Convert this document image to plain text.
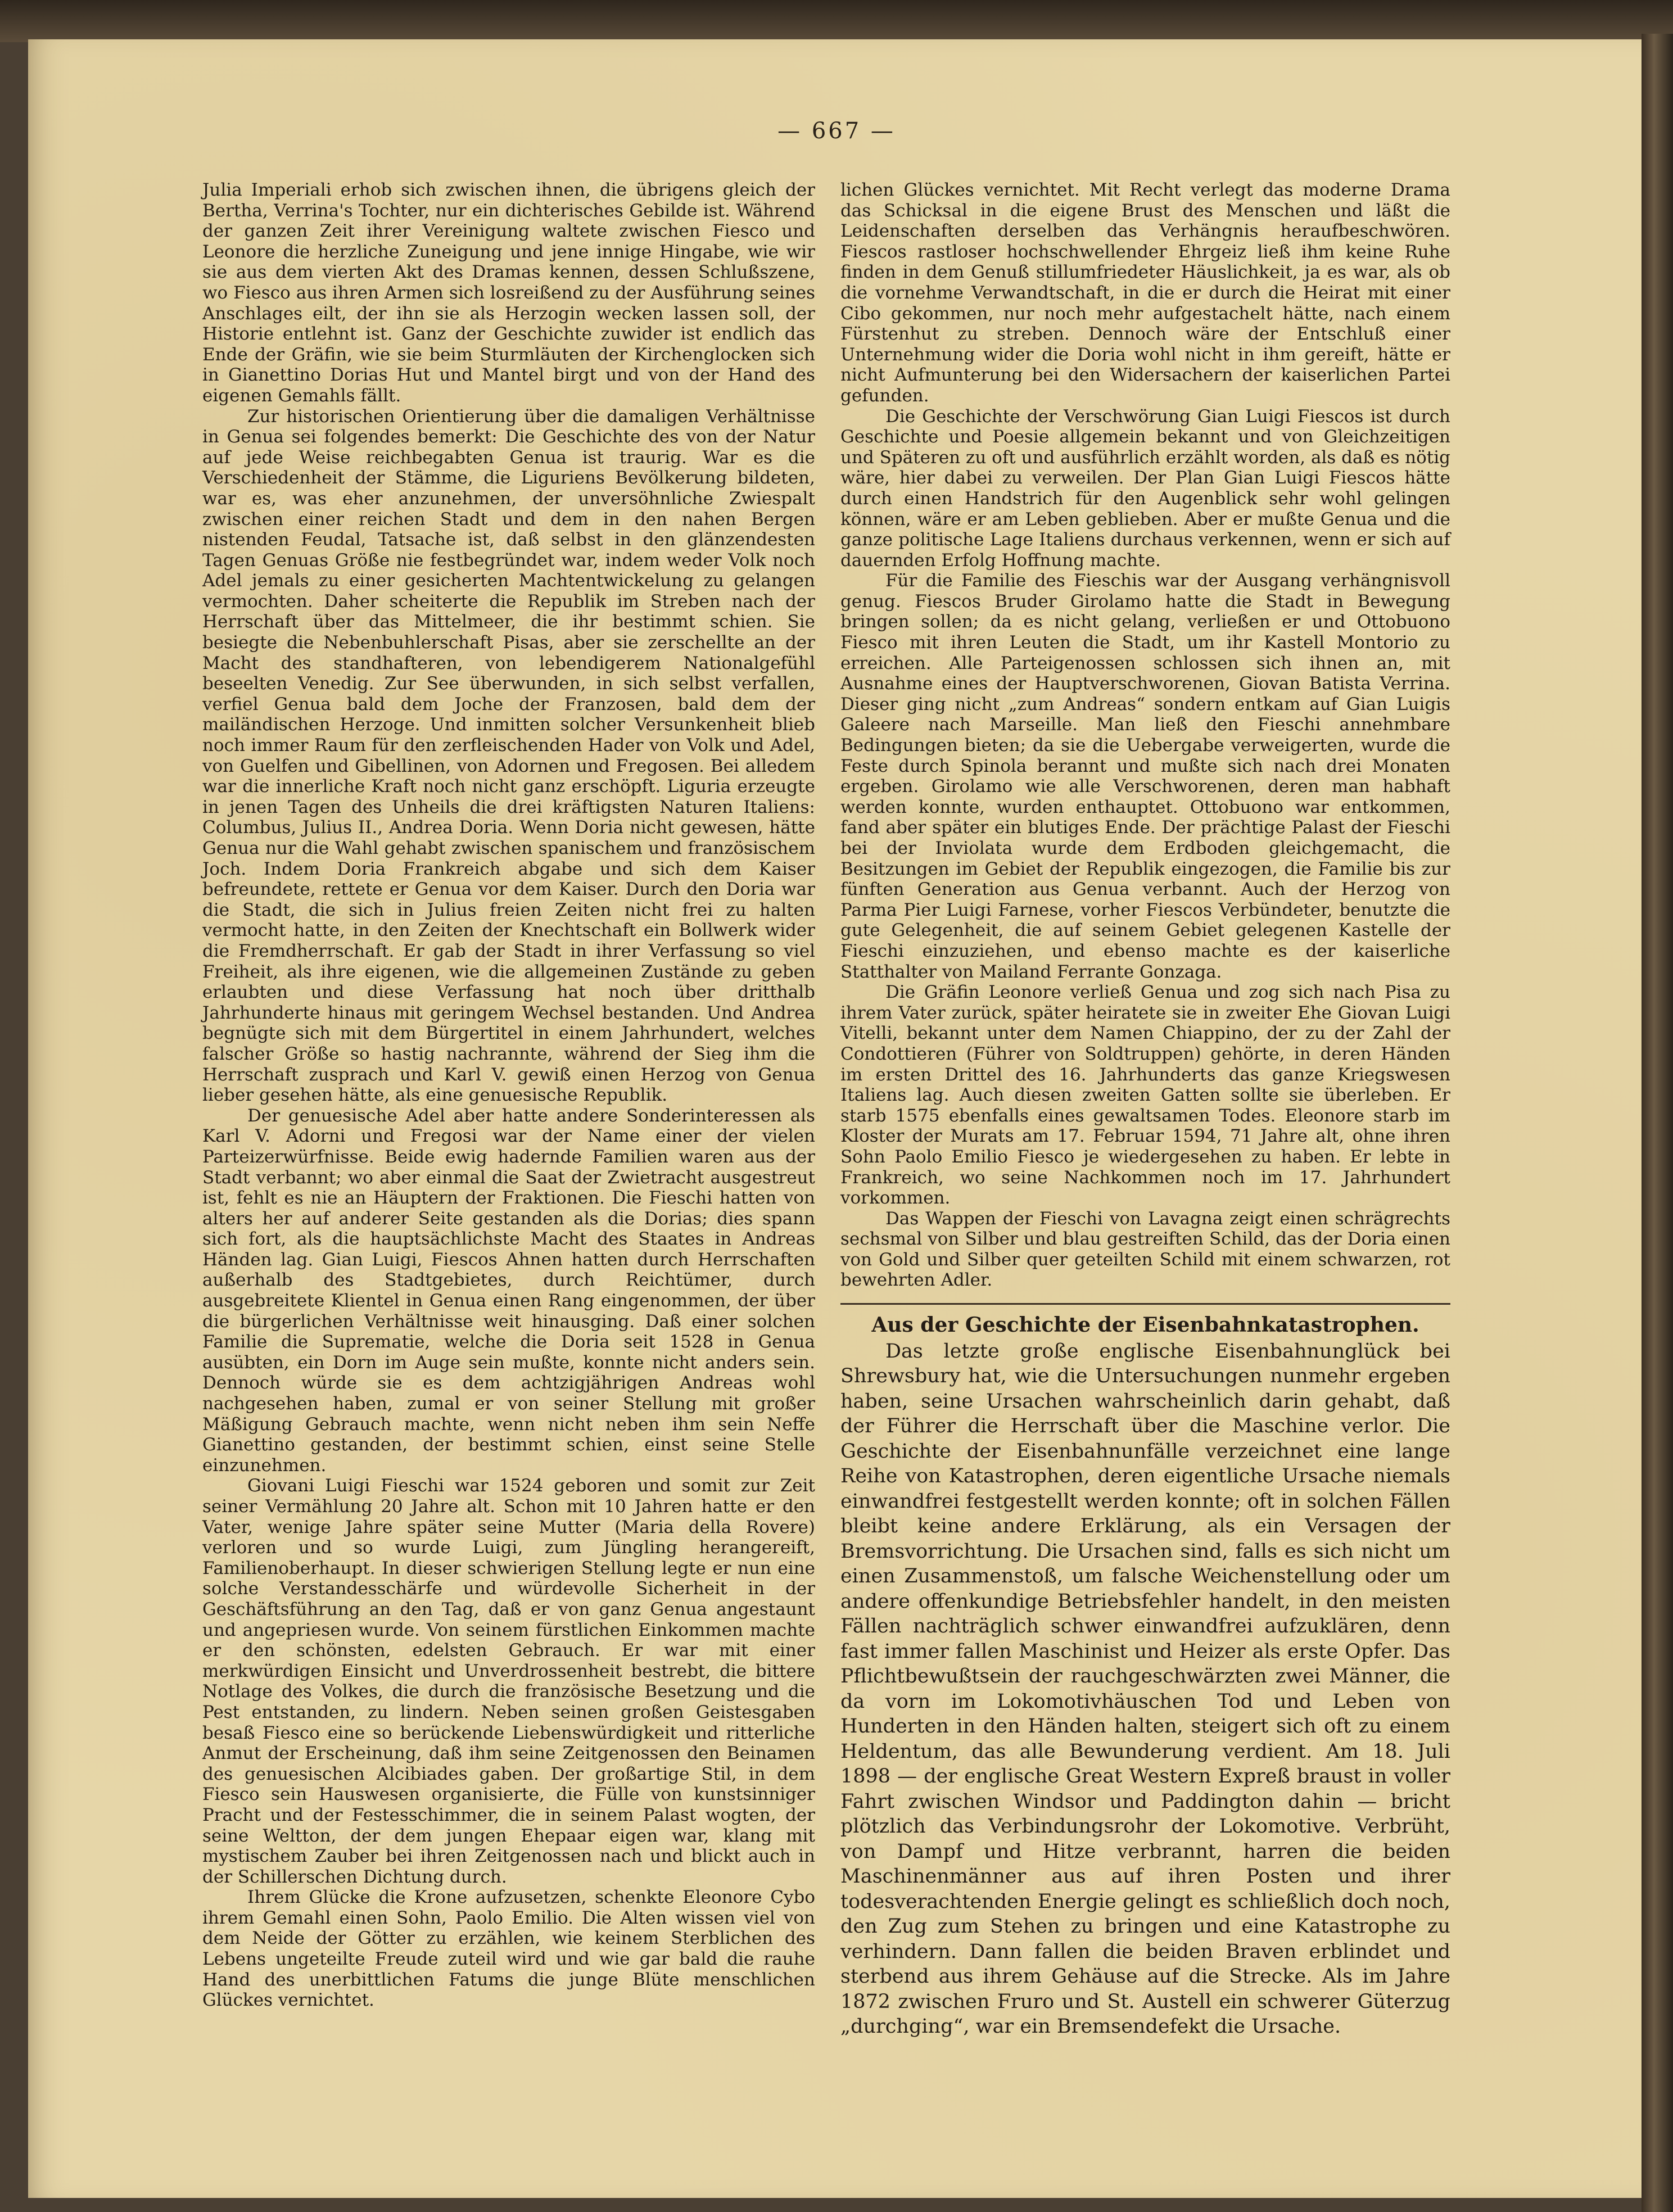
— 667 —

Julia Imperiali erhob sich zwischen ihnen, die übrigens gleich der Bertha, Verrina's Tochter, nur ein dichterisches Gebilde ist. Während der ganzen Zeit ihrer Vereinigung waltete zwischen Fiesco und Leonore die herzliche Zuneigung und jene innige Hingabe, wie wir sie aus dem vierten Akt des Dramas kennen, dessen Schlußszene, wo Fiesco aus ihren Armen sich losreißend zu der Ausführung seines Anschlages eilt, der ihn sie als Herzogin wecken lassen soll, der Historie entlehnt ist. Ganz der Geschichte zuwider ist endlich das Ende der Gräfin, wie sie beim Sturmläuten der Kirchenglocken sich in Gianettino Dorias Hut und Mantel birgt und von der Hand des eigenen Gemahls fällt.

Zur historischen Orientierung über die damaligen Verhältnisse in Genua sei folgendes bemerkt: Die Geschichte des von der Natur auf jede Weise reichbegabten Genua ist traurig. War es die Verschiedenheit der Stämme, die Liguriens Bevölkerung bildeten, war es, was eher anzunehmen, der unversöhnliche Zwiespalt zwischen einer reichen Stadt und dem in den nahen Bergen nistenden Feudal, Tatsache ist, daß selbst in den glänzendesten Tagen Genuas Größe nie festbegründet war, indem weder Volk noch Adel jemals zu einer gesicherten Machtentwickelung zu gelangen vermochten. Daher scheiterte die Republik im Streben nach der Herrschaft über das Mittelmeer, die ihr bestimmt schien. Sie besiegte die Nebenbuhlerschaft Pisas, aber sie zerschellte an der Macht des standhafteren, von lebendigerem Nationalgefühl beseelten Venedig. Zur See überwunden, in sich selbst verfallen, verfiel Genua bald dem Joche der Franzosen, bald dem der mailändischen Herzoge. Und inmitten solcher Versunkenheit blieb noch immer Raum für den zerfleischenden Hader von Volk und Adel, von Guelfen und Gibellinen, von Adornen und Fregosen. Bei alledem war die innerliche Kraft noch nicht ganz erschöpft. Liguria erzeugte in jenen Tagen des Unheils die drei kräftigsten Naturen Italiens: Columbus, Julius II., Andrea Doria. Wenn Doria nicht gewesen, hätte Genua nur die Wahl gehabt zwischen spanischem und französischem Joch. Indem Doria Frankreich abgabe und sich dem Kaiser befreundete, rettete er Genua vor dem Kaiser. Durch den Doria war die Stadt, die sich in Julius freien Zeiten nicht frei zu halten vermocht hatte, in den Zeiten der Knechtschaft ein Bollwerk wider die Fremdherrschaft. Er gab der Stadt in ihrer Verfassung so viel Freiheit, als ihre eigenen, wie die allgemeinen Zustände zu geben erlaubten und diese Verfassung hat noch über dritthalb Jahrhunderte hinaus mit geringem Wechsel bestanden. Und Andrea begnügte sich mit dem Bürgertitel in einem Jahrhundert, welches falscher Größe so hastig nachrannte, während der Sieg ihm die Herrschaft zusprach und Karl V. gewiß einen Herzog von Genua lieber gesehen hätte, als eine genuesische Republik.

Der genuesische Adel aber hatte andere Sonderinteressen als Karl V. Adorni und Fregosi war der Name einer der vielen Parteizerwürfnisse. Beide ewig hadernde Familien waren aus der Stadt verbannt; wo aber einmal die Saat der Zwietracht ausgestreut ist, fehlt es nie an Häuptern der Fraktionen. Die Fieschi hatten von alters her auf anderer Seite gestanden als die Dorias; dies spann sich fort, als die hauptsächlichste Macht des Staates in Andreas Händen lag. Gian Luigi, Fiescos Ahnen hatten durch Herrschaften außerhalb des Stadtgebietes, durch Reichtümer, durch ausgebreitete Klientel in Genua einen Rang eingenommen, der über die bürgerlichen Verhältnisse weit hinausging. Daß einer solchen Familie die Suprematie, welche die Doria seit 1528 in Genua ausübten, ein Dorn im Auge sein mußte, konnte nicht anders sein. Dennoch würde sie es dem achtzigjährigen Andreas wohl nachgesehen haben, zumal er von seiner Stellung mit großer Mäßigung Gebrauch machte, wenn nicht neben ihm sein Neffe Gianettino gestanden, der bestimmt schien, einst seine Stelle einzunehmen.

Giovani Luigi Fieschi war 1524 geboren und somit zur Zeit seiner Vermählung 20 Jahre alt. Schon mit 10 Jahren hatte er den Vater, wenige Jahre später seine Mutter (Maria della Rovere) verloren und so wurde Luigi, zum Jüngling herangereift, Familienoberhaupt. In dieser schwierigen Stellung legte er nun eine solche Verstandesschärfe und würdevolle Sicherheit in der Geschäftsführung an den Tag, daß er von ganz Genua angestaunt und angepriesen wurde. Von seinem fürstlichen Einkommen machte er den schönsten, edelsten Gebrauch. Er war mit einer merkwürdigen Einsicht und Unverdrossenheit bestrebt, die bittere Notlage des Volkes, die durch die französische Besetzung und die Pest entstanden, zu lindern. Neben seinen großen Geistesgaben besaß Fiesco eine so berückende Liebenswürdigkeit und ritterliche Anmut der Erscheinung, daß ihm seine Zeitgenossen den Beinamen des genuesischen Alcibiades gaben. Der großartige Stil, in dem Fiesco sein Hauswesen organisierte, die Fülle von kunstsinniger Pracht und der Festesschimmer, die in seinem Palast wogten, der seine Weltton, der dem jungen Ehepaar eigen war, klang mit mystischem Zauber bei ihren Zeitgenossen nach und blickt auch in der Schillerschen Dichtung durch.

Ihrem Glücke die Krone aufzusetzen, schenkte Eleonore Cybo ihrem Gemahl einen Sohn, Paolo Emilio. Die Alten wissen viel von dem Neide der Götter zu erzählen, wie keinem Sterblichen des Lebens ungeteilte Freude zuteil wird und wie gar bald die rauhe Hand des unerbittlichen Fatums die junge Blüte menschlichen Glückes vernichtet.

lichen Glückes vernichtet. Mit Recht verlegt das moderne Drama das Schicksal in die eigene Brust des Menschen und läßt die Leidenschaften derselben das Verhängnis heraufbeschwören. Fiescos rastloser hochschwellender Ehrgeiz ließ ihm keine Ruhe finden in dem Genuß stillumfriedeter Häuslichkeit, ja es war, als ob die vornehme Verwandtschaft, in die er durch die Heirat mit einer Cibo gekommen, nur noch mehr aufgestachelt hätte, nach einem Fürstenhut zu streben. Dennoch wäre der Entschluß einer Unternehmung wider die Doria wohl nicht in ihm gereift, hätte er nicht Aufmunterung bei den Widersachern der kaiserlichen Partei gefunden.

Die Geschichte der Verschwörung Gian Luigi Fiescos ist durch Geschichte und Poesie allgemein bekannt und von Gleichzeitigen und Späteren zu oft und ausführlich erzählt worden, als daß es nötig wäre, hier dabei zu verweilen. Der Plan Gian Luigi Fiescos hätte durch einen Handstrich für den Augenblick sehr wohl gelingen können, wäre er am Leben geblieben. Aber er mußte Genua und die ganze politische Lage Italiens durchaus verkennen, wenn er sich auf dauernden Erfolg Hoffnung machte.

Für die Familie des Fieschis war der Ausgang verhängnisvoll genug. Fiescos Bruder Girolamo hatte die Stadt in Bewegung bringen sollen; da es nicht gelang, verließen er und Ottobuono Fiesco mit ihren Leuten die Stadt, um ihr Kastell Montorio zu erreichen. Alle Parteigenossen schlossen sich ihnen an, mit Ausnahme eines der Hauptverschworenen, Giovan Batista Verrina. Dieser ging nicht „zum Andreas“ sondern entkam auf Gian Luigis Galeere nach Marseille. Man ließ den Fieschi annehmbare Bedingungen bieten; da sie die Uebergabe verweigerten, wurde die Feste durch Spinola berannt und mußte sich nach drei Monaten ergeben. Girolamo wie alle Verschworenen, deren man habhaft werden konnte, wurden enthauptet. Ottobuono war entkommen, fand aber später ein blutiges Ende. Der prächtige Palast der Fieschi bei der Inviolata wurde dem Erdboden gleichgemacht, die Besitzungen im Gebiet der Republik eingezogen, die Familie bis zur fünften Generation aus Genua verbannt. Auch der Herzog von Parma Pier Luigi Farnese, vorher Fiescos Verbündeter, benutzte die gute Gelegenheit, die auf seinem Gebiet gelegenen Kastelle der Fieschi einzuziehen, und ebenso machte es der kaiserliche Statthalter von Mailand Ferrante Gonzaga.

Die Gräfin Leonore verließ Genua und zog sich nach Pisa zu ihrem Vater zurück, später heiratete sie in zweiter Ehe Giovan Luigi Vitelli, bekannt unter dem Namen Chiappino, der zu der Zahl der Condottieren (Führer von Soldtruppen) gehörte, in deren Händen im ersten Drittel des 16. Jahrhunderts das ganze Kriegswesen Italiens lag. Auch diesen zweiten Gatten sollte sie überleben. Er starb 1575 ebenfalls eines gewaltsamen Todes. Eleonore starb im Kloster der Murats am 17. Februar 1594, 71 Jahre alt, ohne ihren Sohn Paolo Emilio Fiesco je wiedergesehen zu haben. Er lebte in Frankreich, wo seine Nachkommen noch im 17. Jahrhundert vorkommen.

Das Wappen der Fieschi von Lavagna zeigt einen schrägrechts sechsmal von Silber und blau gestreiften Schild, das der Doria einen von Gold und Silber quer geteilten Schild mit einem schwarzen, rot bewehrten Adler.

Aus der Geschichte der Eisenbahnkatastrophen.

Das letzte große englische Eisenbahnunglück bei Shrewsbury hat, wie die Untersuchungen nunmehr ergeben haben, seine Ursachen wahrscheinlich darin gehabt, daß der Führer die Herrschaft über die Maschine verlor. Die Geschichte der Eisenbahnunfälle verzeichnet eine lange Reihe von Katastrophen, deren eigentliche Ursache niemals einwandfrei festgestellt werden konnte; oft in solchen Fällen bleibt keine andere Erklärung, als ein Versagen der Bremsvorrichtung. Die Ursachen sind, falls es sich nicht um einen Zusammenstoß, um falsche Weichenstellung oder um andere offenkundige Betriebsfehler handelt, in den meisten Fällen nachträglich schwer einwandfrei aufzuklären, denn fast immer fallen Maschinist und Heizer als erste Opfer. Das Pflichtbewußtsein der rauchgeschwärzten zwei Männer, die da vorn im Lokomotivhäuschen Tod und Leben von Hunderten in den Händen halten, steigert sich oft zu einem Heldentum, das alle Bewunderung verdient. Am 18. Juli 1898 — der englische Great Western Expreß braust in voller Fahrt zwischen Windsor und Paddington dahin — bricht plötzlich das Verbindungsrohr der Lokomotive. Verbrüht, von Dampf und Hitze verbrannt, harren die beiden Maschinenmänner aus auf ihren Posten und ihrer todesverachtenden Energie gelingt es schließlich doch noch, den Zug zum Stehen zu bringen und eine Katastrophe zu verhindern. Dann fallen die beiden Braven erblindet und sterbend aus ihrem Gehäuse auf die Strecke. Als im Jahre 1872 zwischen Fruro und St. Austell ein schwerer Güterzug „durchging“, war ein Bremsendefekt die Ursache.
